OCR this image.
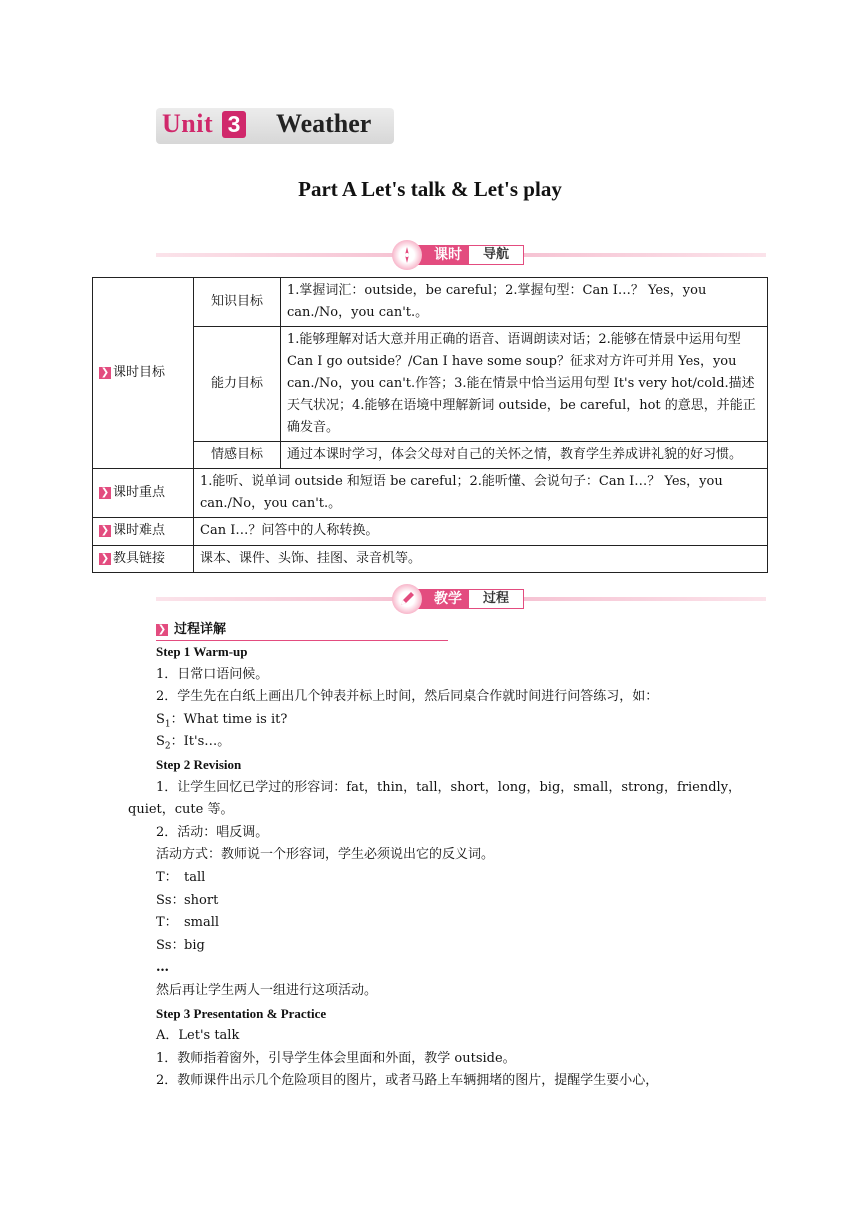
Unit 3 Weather
Part A Let's talk & Let's play
课时	导航
❯ 课时目标	知识目标	1.掌握词汇：outside，be careful；2.掌握句型：Can I…？ Yes，you can./No，you can't.。
	能力目标	1.能够理解对话大意并用正确的语音、语调朗读对话；2.能够在情景中运用句型 Can I go outside？/Can I have some soup？征求对方许可并用 Yes，you can./No，you can't.作答；3.能在情景中恰当运用句型 It's very hot/cold.描述天气状况；4.能够在语境中理解新词 outside，be careful，hot 的意思，并能正确发音。
	情感目标	通过本课时学习，体会父母对自己的关怀之情，教育学生养成讲礼貌的好习惯。
❯ 课时重点	1.能听、说单词 outside 和短语 be careful；2.能听懂、会说句子：Can I…？ Yes，you can./No，you can't.。	
❯ 课时难点	Can I…？问答中的人称转换。	
❯ 教具链接	课本、课件、头饰、挂图、录音机等。	
教学	过程
❯ 过程详解
Step 1 Warm-up
1．日常口语问候。
2．学生先在白纸上画出几个钟表并标上时间，然后同桌合作就时间进行问答练习，如：
$S_1$：What time is it?
$S_2$：It's…。
Step 2 Revision
1．让学生回忆已学过的形容词：fat，thin，tall，short，long，big，small，strong，friendly，
quiet，cute 等。
2．活动：唱反调。
活动方式：教师说一个形容词，学生必须说出它的反义词。
T： tall
Ss：short
T： small
Ss：big
…
然后再让学生两人一组进行这项活动。
Step 3 Presentation & Practice
A．Let's talk
1．教师指着窗外，引导学生体会里面和外面，教学 outside。
2．教师课件出示几个危险项目的图片，或者马路上车辆拥堵的图片，提醒学生要小心，
